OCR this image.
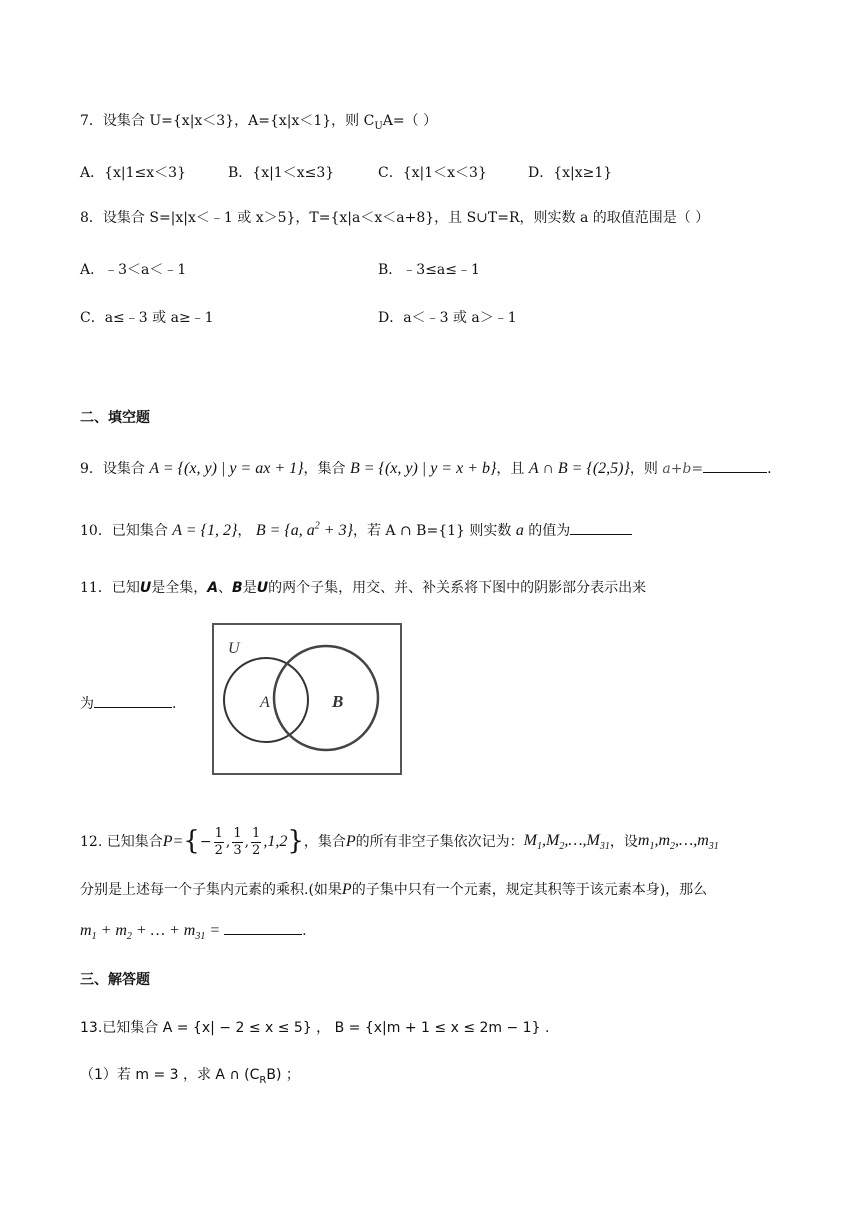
7．设集合 U={x|x＜3}，A={x|x＜1}，则 $C_UA=$（ ）
A．{x|1≤x＜3}	B．{x|1＜x≤3}	C．{x|1＜x＜3}	D．{x|x≥1}
8．设集合 S=|x|x＜﹣1 或 x＞5}，T={x|a＜x＜a+8}，且 S∪T=R，则实数 a 的取值范围是（ ）
A．﹣3＜a＜﹣1	B．﹣3≤a≤﹣1
C．a≤﹣3 或 a≥﹣1	D．a＜﹣3 或 a＞﹣1
二、填空题
9．设集合 A = {(x, y) | y = ax + 1}，集合 B = {(x, y) | y = x + b}，且 A ∩ B = {(2,5)}，则 a+b=	.
10．已知集合 A = {1, 2}， B = {a, $a^2 + 3$}，若 A ∩ B={1} 则实数 a 的值为
11．已知U是全集，A、B是U的两个子集，用交、并、补关系将下图中的阴影部分表示出来
为	.
U
A	B
12. 已知集合 P = { − $\frac{1}{2}$ , $\frac{1}{3}$ , $\frac{1}{2} ,1,2$ } ，集合 P 的所有非空子集依次记为： $M_1,M_2,\dots,M_{31}$ ，设 $m_1,m_2,\dots,m_{31}$
分别是上述每一个子集内元素的乘积.(如果P的子集中只有一个元素，规定其积等于该元素本身)，那么
$m_1 + m_2$ + … + $m_{31}$ =	.
三、解答题
13.已知集合 A = {x| − 2 ≤ x ≤ 5} ， B = {x|m + 1 ≤ x ≤ 2m − 1} .
（1）若 m = 3 ，求 A ∩ $(C_RB)$ ；
